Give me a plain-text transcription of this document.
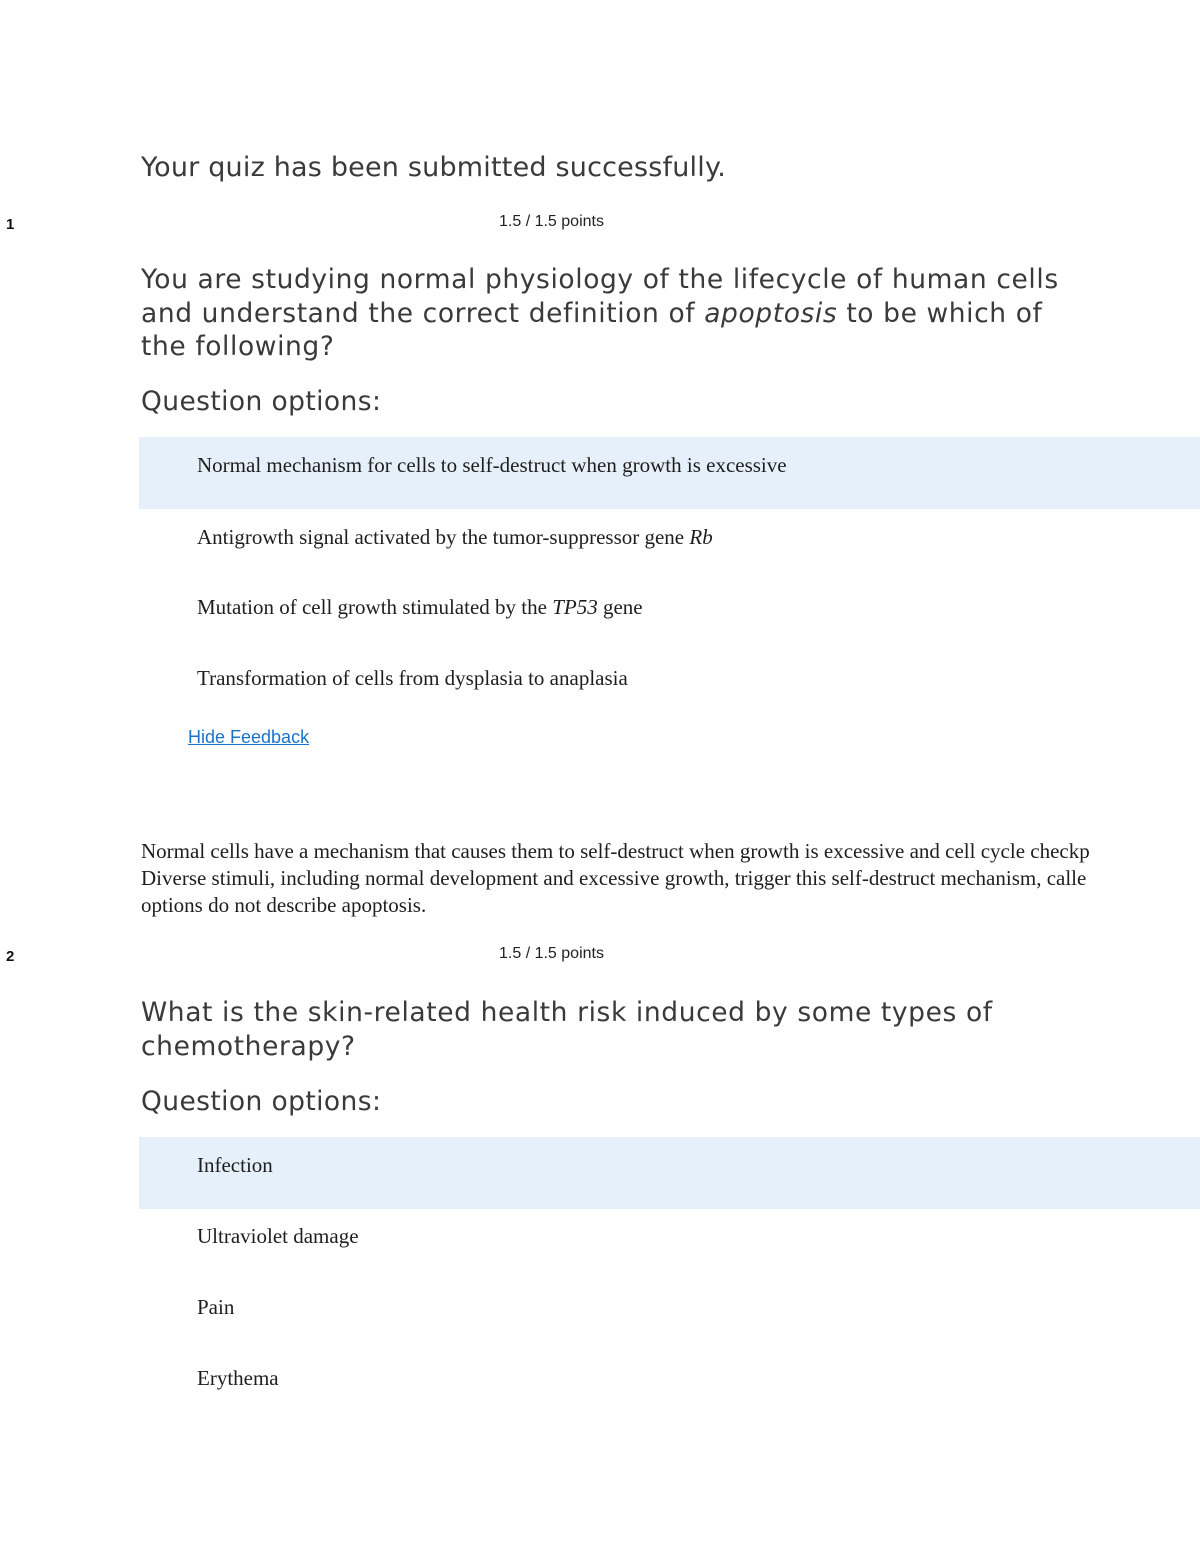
Your quiz has been submitted successfully.
1	1.5 / 1.5 points
You are studying normal physiology of the lifecycle of human cells and understand the correct definition of apoptosis to be which of the following?
Question options:
Normal mechanism for cells to self-destruct when growth is excessive
Antigrowth signal activated by the tumor-suppressor gene Rb
Mutation of cell growth stimulated by the TP53 gene
Transformation of cells from dysplasia to anaplasia
Hide Feedback
Normal cells have a mechanism that causes them to self-destruct when growth is excessive and cell cycle checkp
Diverse stimuli, including normal development and excessive growth, trigger this self-destruct mechanism, calle
options do not describe apoptosis.
2	1.5 / 1.5 points
What is the skin-related health risk induced by some types of chemotherapy?
Question options:
Infection
Ultraviolet damage
Pain
Erythema
